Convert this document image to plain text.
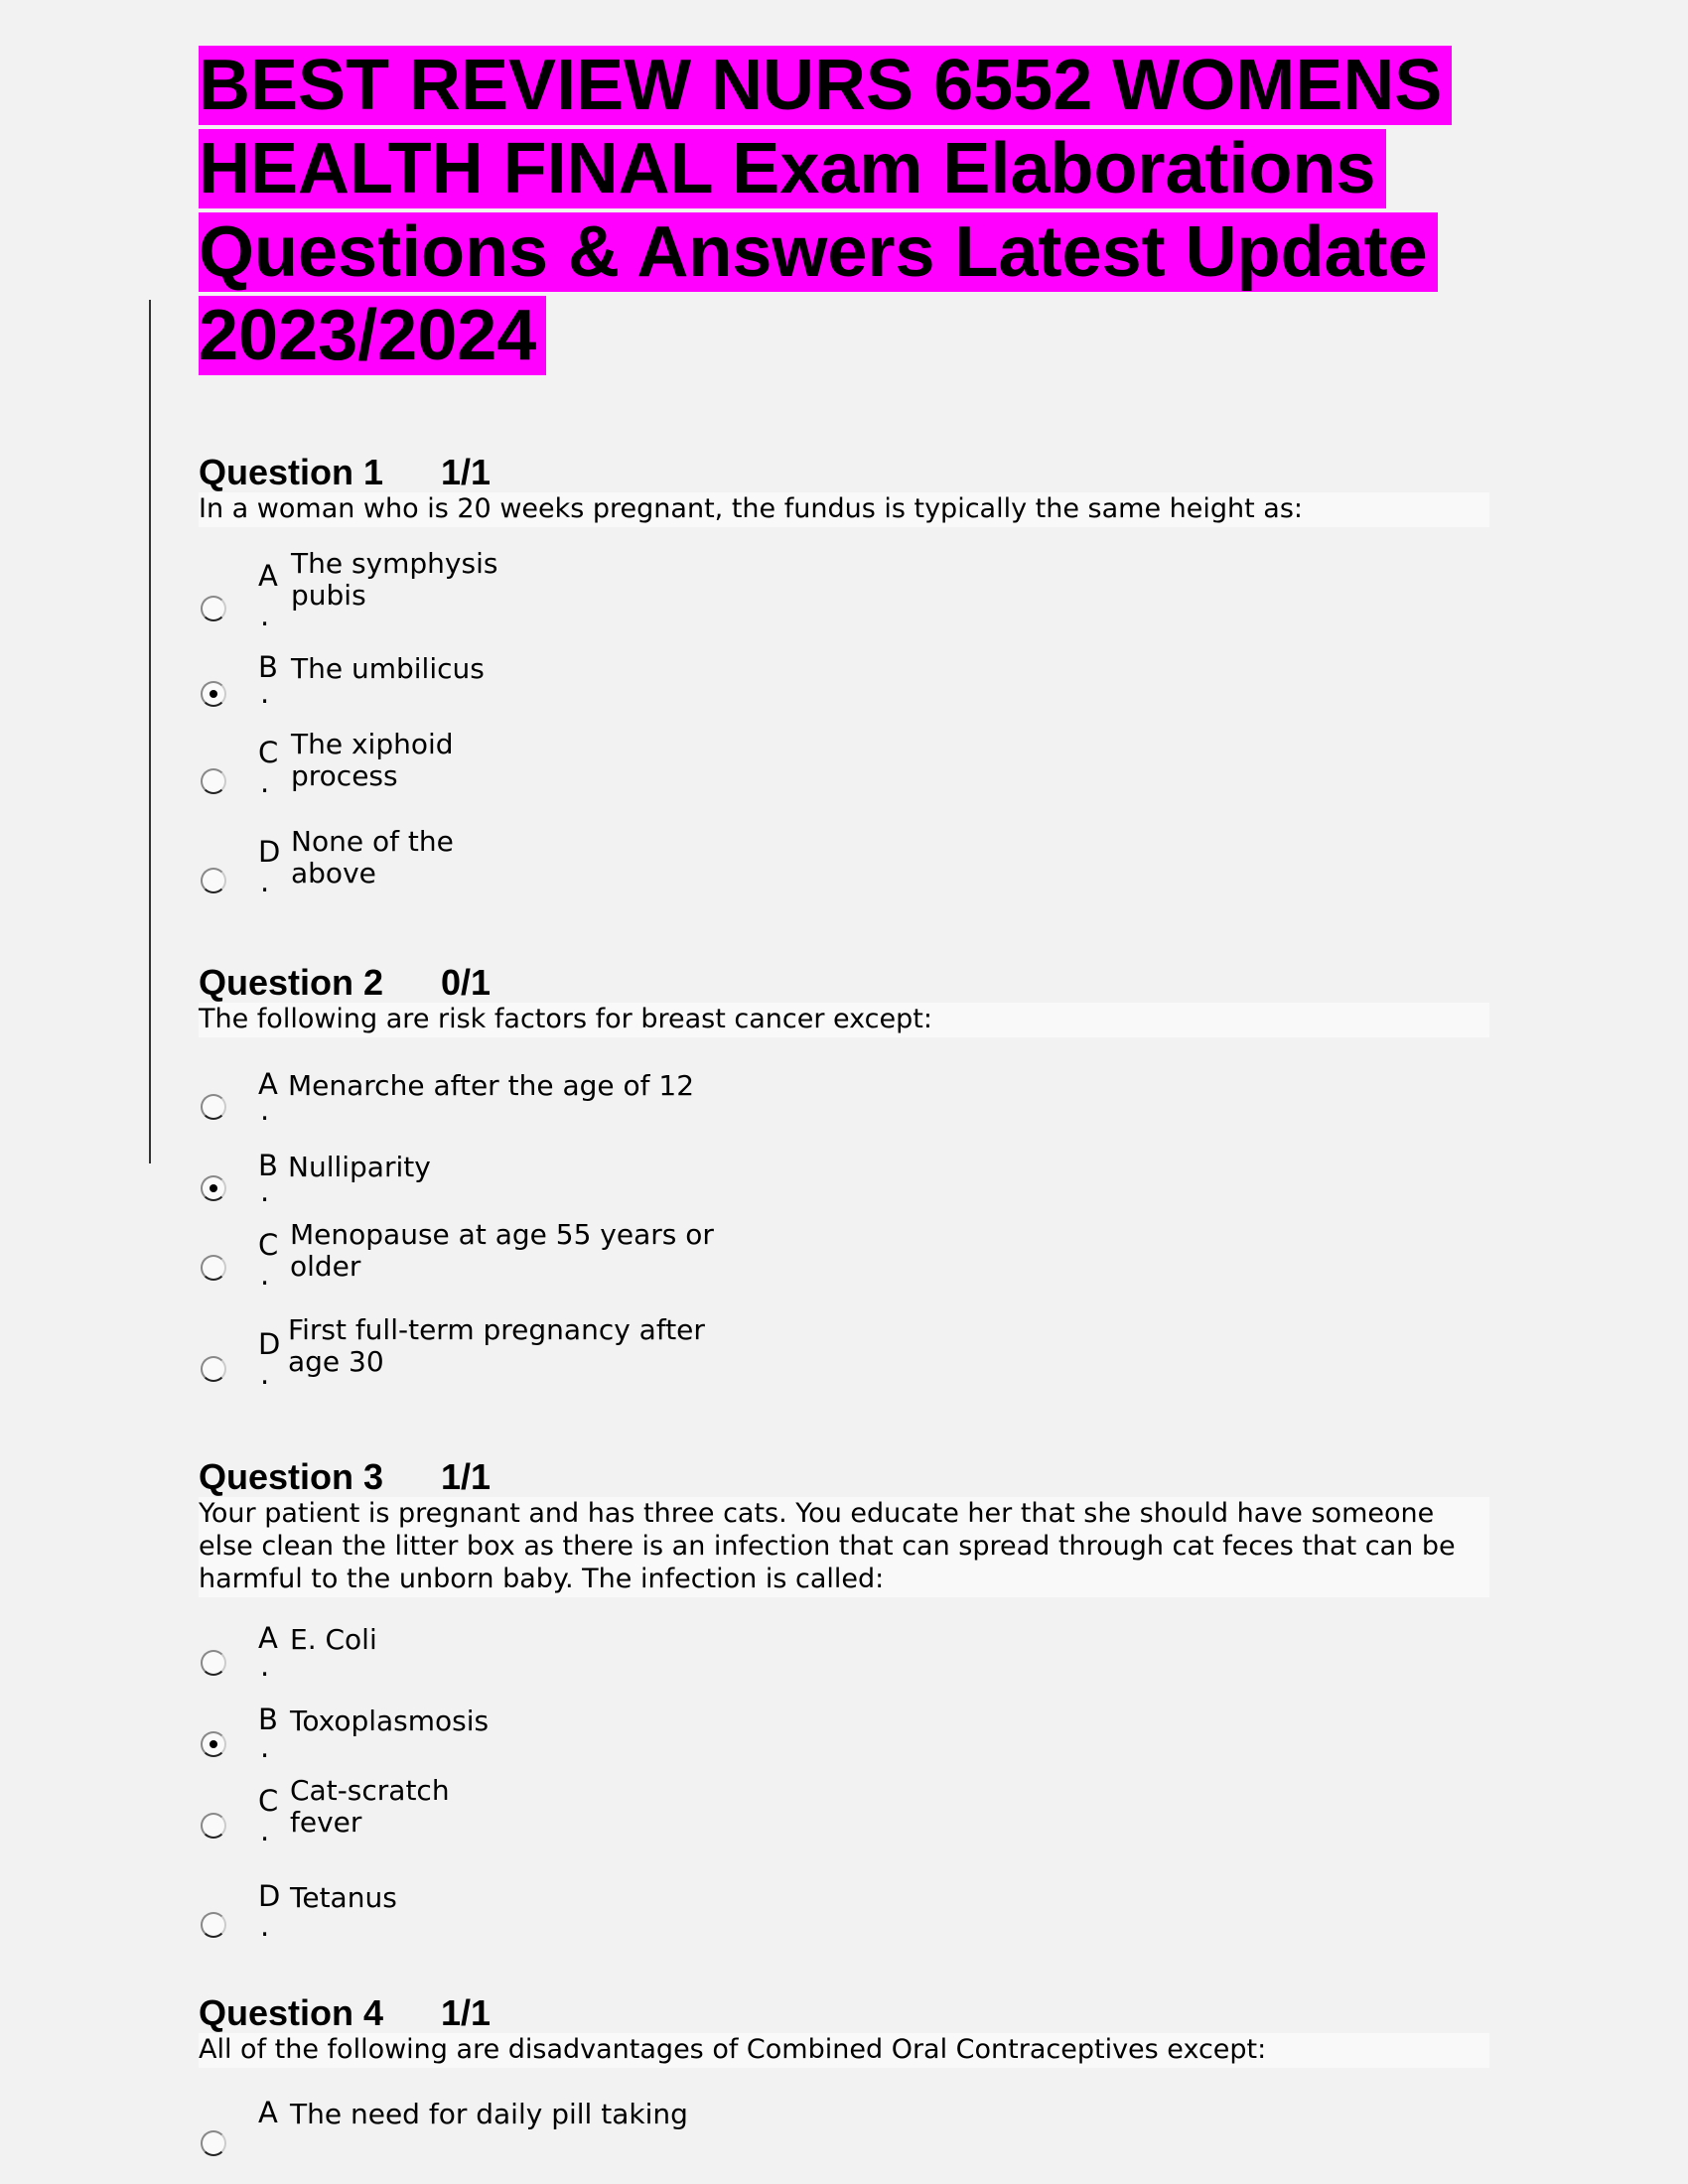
BEST REVIEW NURS 6552 WOMENS
HEALTH FINAL Exam Elaborations
Questions & Answers Latest Update
2023/2024
Question 1 1/1
In a woman who is 20 weeks pregnant, the fundus is typically the same height as:
A
.
The symphysis
pubis
B
.
The umbilicus
C
.
The xiphoid
process
D
.
None of the
above
Question 2 0/1
The following are risk factors for breast cancer except:
A
.
Menarche after the age of 12
B
.
Nulliparity
C
.
Menopause at age 55 years or
older
D
.
First full-term pregnancy after
age 30
Question 3 1/1
Your patient is pregnant and has three cats. You educate her that she should have someone else clean the litter box as there is an infection that can spread through cat feces that can be harmful to the unborn baby. The infection is called:
A
.
E. Coli
B
.
Toxoplasmosis
C
.
Cat-scratch
fever
D
.
Tetanus
Question 4 1/1
All of the following are disadvantages of Combined Oral Contraceptives except:
A The need for daily pill taking
